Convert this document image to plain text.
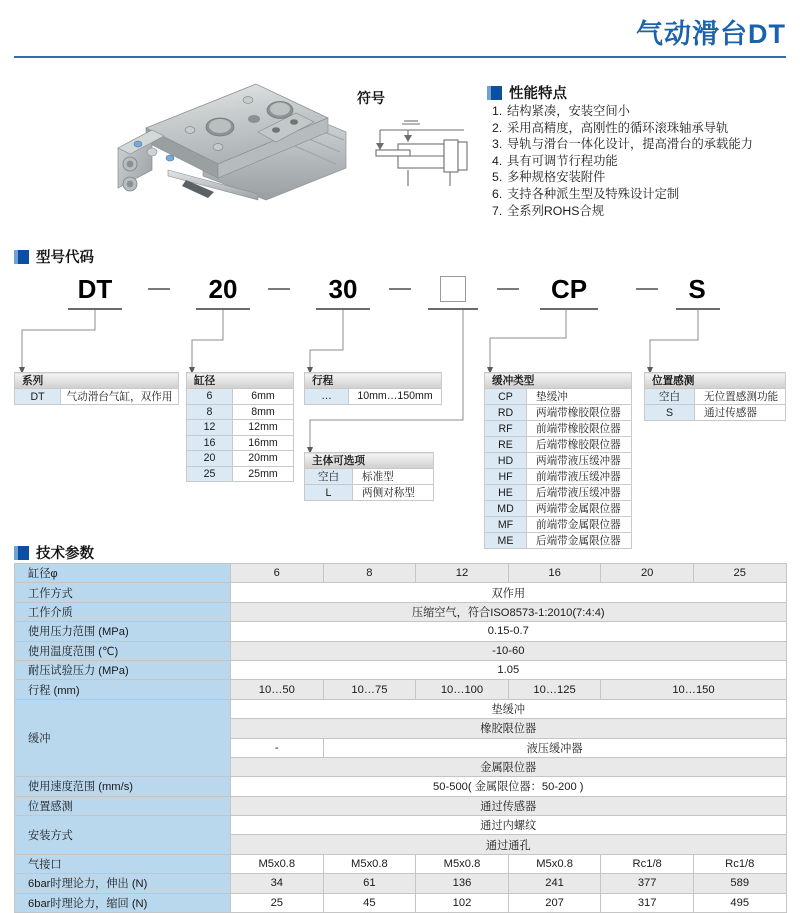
气动滑台DT
符号	性能特点
1. 结构紧凑，安装空间小
2. 采用高精度，高刚性的循环滚珠轴承导轨
3. 导轨与滑台一体化设计，提高滑台的承载能力
4. 具有可调节行程功能
5. 多种规格安装附件
6. 支持各种派生型及特殊设计定制
7. 全系列ROHS合规
型号代码
DT	20	30	CP	S
系列
DT	气动滑台气缸，双作用
缸径	
6	6mm
8	8mm
12	12mm
16	16mm
20	20mm
25	25mm
行程
…	10mm…150mm
主体可选项	
空白	标准型
L	两侧对称型
缓冲类型	
CP	垫缓冲
RD	两端带橡胶限位器
RF	前端带橡胶限位器
RE	后端带橡胶限位器
HD	两端带液压缓冲器
HF	前端带液压缓冲器
HE	后端带液压缓冲器
MD	两端带金属限位器
MF	前端带金属限位器
ME	后端带金属限位器
位置感测	
空白	无位置感测功能
S	通过传感器
技术参数
缸径φ	6	8	12	16	20	25
工作方式	双作用					
工作介质	压缩空气，符合ISO8573-1:2010(7:4:4)					
使用压力范围 (MPa)	0.15-0.7					
使用温度范围 (℃)	-10-60					
耐压试验压力 (MPa)	1.05					
行程 (mm)	10…50	10…75	10…100	10…125	10…150	
缓冲	垫缓冲					
	橡胶限位器					
	-	液压缓冲器				
	金属限位器					
使用速度范围 (mm/s)	50-500( 金属限位器：50-200 )					
位置感测	通过传感器					
安装方式	通过内螺纹					
	通过通孔					
气接口	M5x0.8	M5x0.8	M5x0.8	M5x0.8	Rc1/8	Rc1/8
6bar时理论力，伸出 (N)	34	61	136	241	377	589
6bar时理论力，缩回 (N)	25	45	102	207	317	495
